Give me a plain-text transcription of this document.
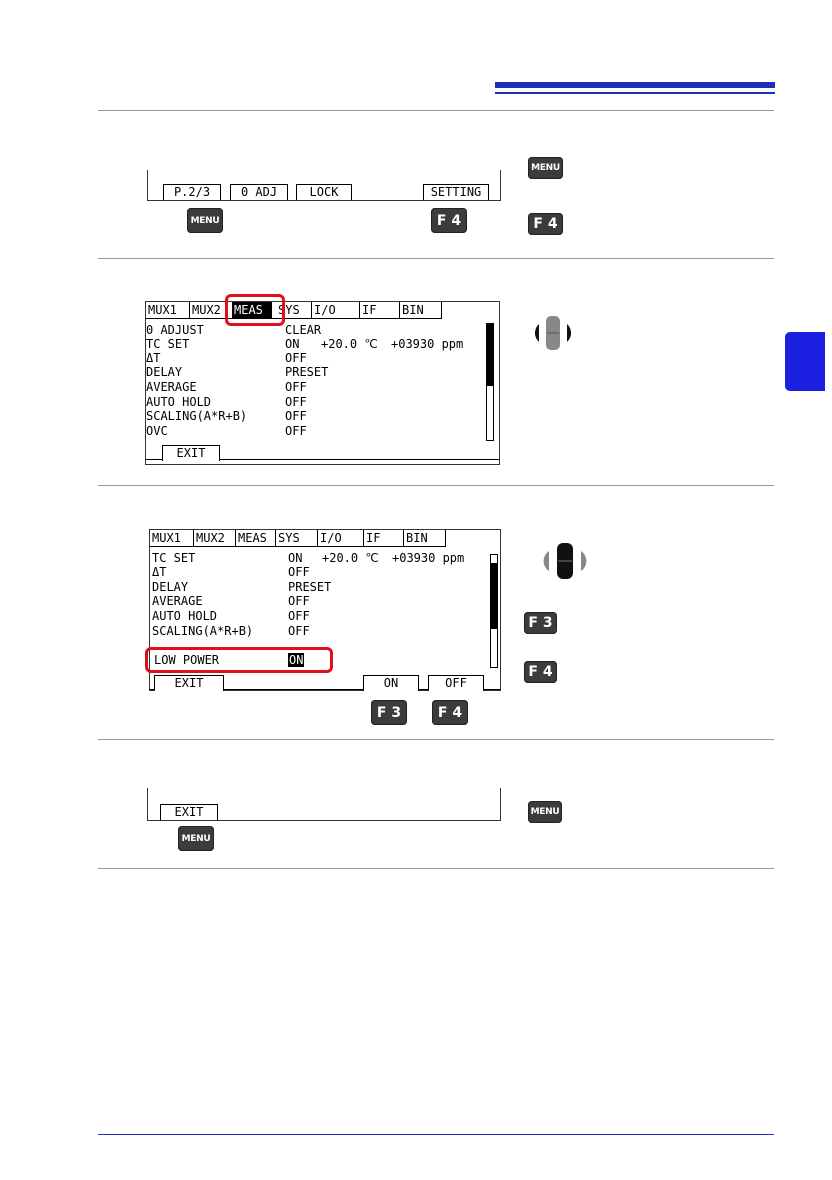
P.2/3	0 ADJ	LOCK	SETTING
MENU	F 4
MENU
F 4
MUX1	MUX2	MEAS	SYS	I/O	IF	BIN
0 ADJUST	CLEAR
TC SET	ON +20.0 ℃ +03930 ppm
ΔT	OFF
DELAY	PRESET
AVERAGE	OFF
AUTO HOLD	OFF
SCALING(A*R+B)	OFF
OVC	OFF
EXIT
MUX1	MUX2	MEAS SYS	I/O	IF	BIN
TC SET	ON +20.0 ℃ +03930 ppm
ΔT	OFF
DELAY	PRESET
AVERAGE	OFF
AUTO HOLD	OFF
SCALING(A*R+B)	OFF
LOW POWER	ON
EXIT	ON	OFF
F 3	F 4
F 3
F 4
EXIT
MENU
MENU
